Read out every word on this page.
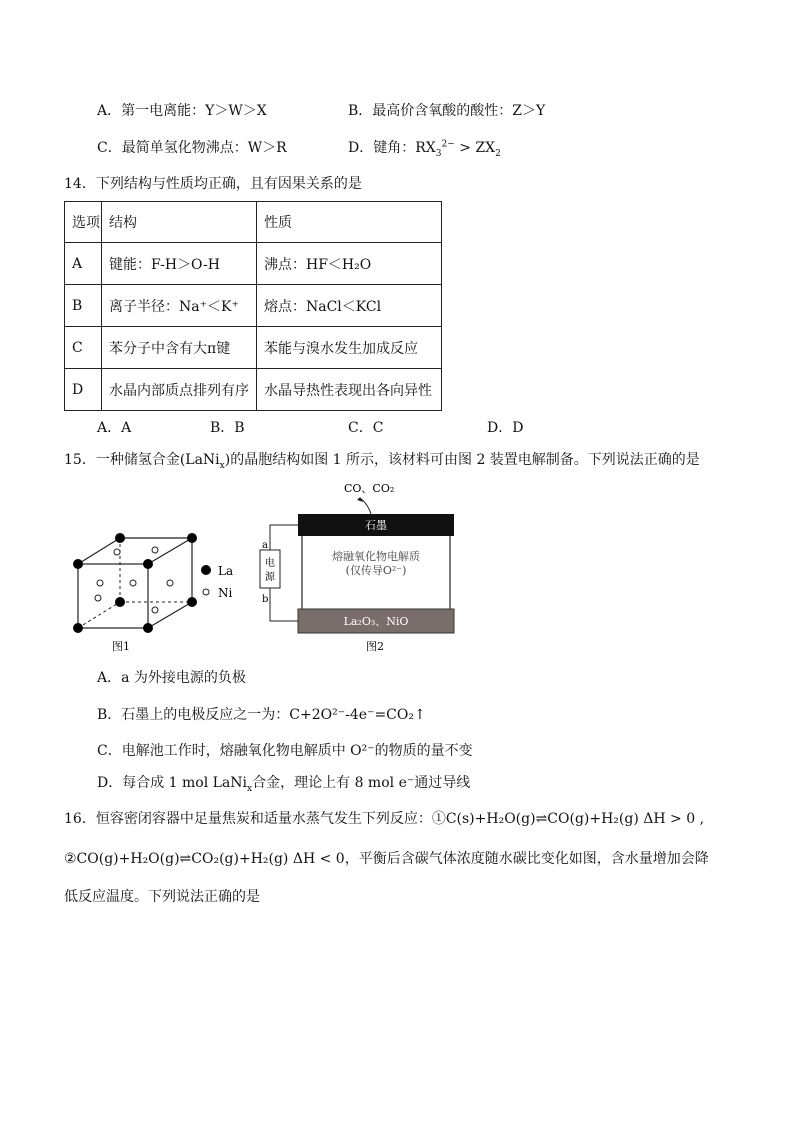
A．第一电离能：Y＞W＞X	B．最高价含氧酸的酸性：Z＞Y
C．最简单氢化物沸点：W＞R	D．键角：$RX_3^{2-} > ZX_2$
14．下列结构与性质均正确，且有因果关系的是
选项	结构	性质
A	键能：F-H＞O-H	沸点：HF＜H₂O
B	离子半径：Na⁺＜K⁺	熔点：NaCl＜KCl
C	苯分子中含有大π键	苯能与溴水发生加成反应
D	水晶内部质点排列有序	水晶导热性表现出各向异性
A．A	B．B	C．C	D．D
15．一种储氢合金(LaNi$_x$)的晶胞结构如图 1 所示，该材料可由图 2 装置电解制备。下列说法正确的是
La
Ni
图1
CO、CO₂
石墨
熔融氧化物电解质
(仅传导O²⁻)
La₂O₃、NiO
电
源
a
b
图2
A．a 为外接电源的负极
B．石墨上的电极反应之一为：C+2O²⁻-4e⁻=CO₂↑
C．电解池工作时，熔融氧化物电解质中 O²⁻的物质的量不变
D．每合成 1 mol LaNi$_x$合金，理论上有 8 mol e⁻通过导线
16．恒容密闭容器中足量焦炭和适量水蒸气发生下列反应：①C(s)+H₂O(g)⇌CO(g)+H₂(g) ΔH > 0 ,
②CO(g)+H₂O(g)⇌CO₂(g)+H₂(g) ΔH < 0，平衡后含碳气体浓度随水碳比变化如图，含水量增加会降
低反应温度。下列说法正确的是
